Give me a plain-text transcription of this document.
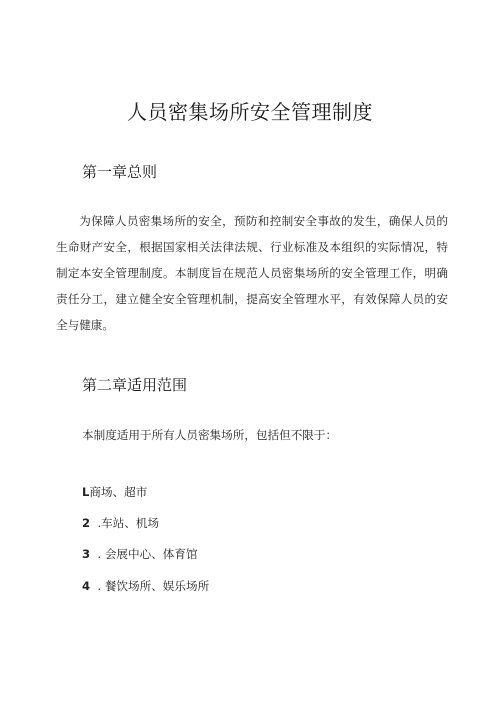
人员密集场所安全管理制度
第一章总则
为保障人员密集场所的安全，预防和控制安全事故的发生，确保人员的生命财产安全，根据国家相关法律法规、行业标准及本组织的实际情况，特制定本安全管理制度。本制度旨在规范人员密集场所的安全管理工作，明确责任分工，建立健全安全管理机制，提高安全管理水平，有效保障人员的安全与健康。
第二章适用范围
本制度适用于所有人员密集场所，包括但不限于：
L商场、超市
2  .车站、机场
3  . 会展中心、体育馆
4  . 餐饮场所、娱乐场所
